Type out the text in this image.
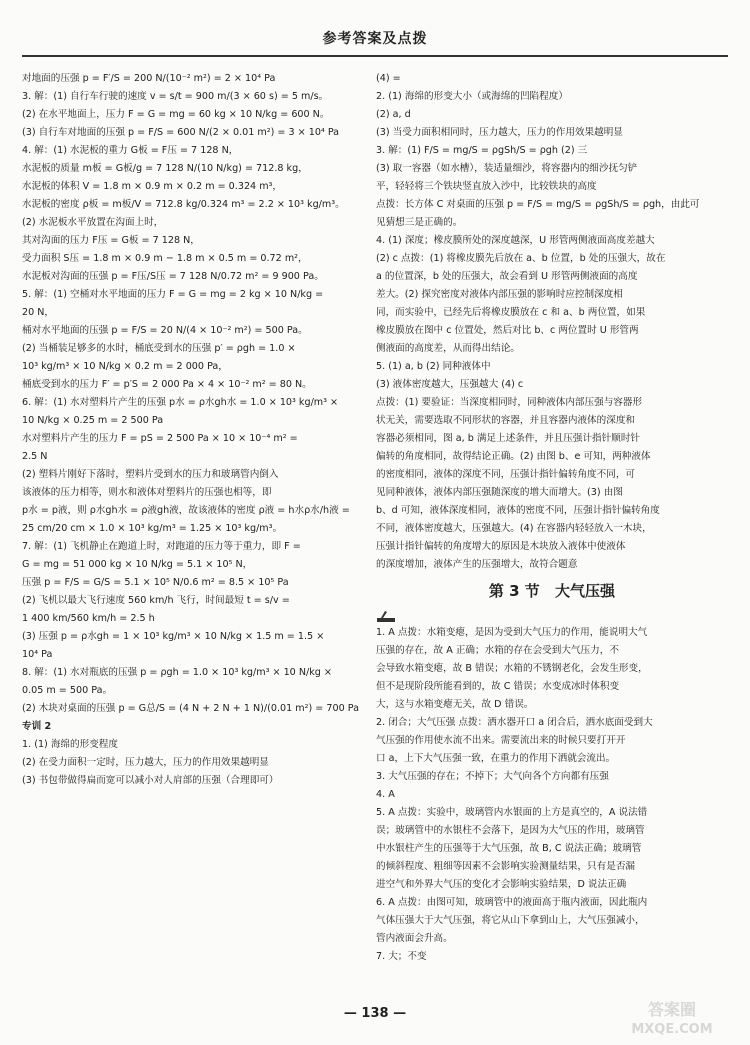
参考答案及点拨
对地面的压强 p = F′/S = 200 N/(10⁻² m²) = 2 × 10⁴ Pa
3. 解：(1) 自行车行驶的速度 v = s/t = 900 m/(3 × 60 s) = 5 m/s。
(2) 在水平地面上，压力 F = G = mg = 60 kg × 10 N/kg = 600 N。
(3) 自行车对地面的压强 p = F/S = 600 N/(2 × 0.01 m²) = 3 × 10⁴ Pa
4. 解：(1) 水泥板的重力 G板 = F压 = 7 128 N，
水泥板的质量 m板 = G板/g = 7 128 N/(10 N/kg) = 712.8 kg，
水泥板的体积 V = 1.8 m × 0.9 m × 0.2 m = 0.324 m³，
水泥板的密度 ρ板 = m板/V = 712.8 kg/0.324 m³ = 2.2 × 10³ kg/m³。
(2) 水泥板水平放置在沟面上时，
其对沟面的压力 F压 = G板 = 7 128 N，
受力面积 S压 = 1.8 m × 0.9 m − 1.8 m × 0.5 m = 0.72 m²，
水泥板对沟面的压强 p = F压/S压 = 7 128 N/0.72 m² = 9 900 Pa。
5. 解：(1) 空桶对水平地面的压力 F = G = mg = 2 kg × 10 N/kg =
20 N，
桶对水平地面的压强 p = F/S = 20 N/(4 × 10⁻² m²) = 500 Pa。
(2) 当桶装足够多的水时，桶底受到水的压强 p′ = ρgh = 1.0 ×
10³ kg/m³ × 10 N/kg × 0.2 m = 2 000 Pa，
桶底受到水的压力 F′ = p′S = 2 000 Pa × 4 × 10⁻² m² = 80 N。
6. 解：(1) 水对塑料片产生的压强 p水 = ρ水gh水 = 1.0 × 10³ kg/m³ ×
10 N/kg × 0.25 m = 2 500 Pa
水对塑料片产生的压力 F = pS = 2 500 Pa × 10 × 10⁻⁴ m² =
2.5 N
(2) 塑料片刚好下落时，塑料片受到水的压力和玻璃管内倒入
该液体的压力相等，则水和液体对塑料片的压强也相等，即
p水 = p液，则 ρ水gh水 = ρ液gh液，故该液体的密度 ρ液 = h水ρ水/h液 =
25 cm/20 cm × 1.0 × 10³ kg/m³ = 1.25 × 10³ kg/m³。
7. 解：(1) 飞机静止在跑道上时，对跑道的压力等于重力，即 F =
G = mg = 51 000 kg × 10 N/kg = 5.1 × 10⁵ N，
压强 p = F/S = G/S = 5.1 × 10⁵ N/0.6 m² = 8.5 × 10⁵ Pa
(2) 飞机以最大飞行速度 560 km/h 飞行，时间最短 t = s/v =
1 400 km/560 km/h = 2.5 h
(3) 压强 p = ρ水gh = 1 × 10³ kg/m³ × 10 N/kg × 1.5 m = 1.5 ×
10⁴ Pa
8. 解：(1) 水对瓶底的压强 p = ρgh = 1.0 × 10³ kg/m³ × 10 N/kg ×
0.05 m = 500 Pa。
(2) 木块对桌面的压强 p = G总/S = (4 N + 2 N + 1 N)/(0.01 m²) = 700 Pa
专训 2
1. (1) 海绵的形变程度
(2) 在受力面积一定时，压力越大，压力的作用效果越明显
(3) 书包带做得扁而宽可以减小对人肩部的压强（合理即可）
(4) =
2. (1) 海绵的形变大小（或海绵的凹陷程度）
(2) a, d
(3) 当受力面积相同时，压力越大，压力的作用效果越明显
3. 解：(1) F/S = mg/S = ρgSh/S = ρgh (2) 三
(3) 取一容器（如水槽），装适量细沙，将容器内的细沙抚匀铲
平，轻轻将三个铁块竖直放入沙中，比较铁块的高度
点拨：长方体 C 对桌面的压强 p = F/S = mg/S = ρgSh/S = ρgh，由此可
见猜想三是正确的。
4. (1) 深度；橡皮膜所处的深度越深，U 形管两侧液面高度差越大
(2) c 点拨：(1) 将橡皮膜先后放在 a、b 位置，b 处的压强大，故在
a 的位置深，b 处的压强大，故会看到 U 形管两侧液面的高度
差大。(2) 探究密度对液体内部压强的影响时应控制深度相
同，而实验中，已经先后将橡皮膜放在 c 和 a、b 两位置，如果
橡皮膜放在图中 c 位置处，然后对比 b、c 两位置时 U 形管两
侧液面的高度差，从而得出结论。
5. (1) a, b (2) 同种液体中
(3) 液体密度越大，压强越大 (4) c
点拨：(1) 要验证：当深度相同时，同种液体内部压强与容器形
状无关，需要选取不同形状的容器，并且容器内液体的深度和
容器必须相同，图 a, b 满足上述条件，并且压强计指针顺时针
偏转的角度相同，故得结论正确。(2) 由图 b、e 可知，两种液体
的密度相同，液体的深度不同，压强计指针偏转角度不同，可
见同种液体，液体内部压强随深度的增大而增大。(3) 由图
b、d 可知，液体深度相同，液体的密度不同，压强计指针偏转角度
不同，液体密度越大，压强越大。(4) 在容器内轻轻放入一木块，
压强计指针偏转的角度增大的原因是木块放入液体中使液体
的深度增加，液体产生的压强增大，故符合题意
第 3 节 大气压强
1. A 点拨：水箱变瘪，是因为受到大气压力的作用，能说明大气
压强的存在，故 A 正确；水箱的存在会受到大气压力，不
会导致水箱变瘪，故 B 错误；水箱的不锈钢老化，会发生形变，
但不是现阶段所能看到的，故 C 错误；水变成冰时体积变
大，这与水箱变瘪无关，故 D 错误。
2. 闭合；大气压强 点拨：洒水器开口 a 闭合后，洒水底面受到大
气压强的作用使水流不出来。需要流出来的时候只要打开开
口 a，上下大气压强一致，在重力的作用下洒就会流出。
3. 大气压强的存在；不掉下；大气向各个方向都有压强
4. A
5. A 点拨：实验中，玻璃管内水银面的上方是真空的，A 说法错
误；玻璃管中的水银柱不会落下，是因为大气压的作用，玻璃管
中水银柱产生的压强等于大气压强，故 B, C 说法正确；玻璃管
的倾斜程度、粗细等因素不会影响实验测量结果，只有是否漏
进空气和外界大气压的变化才会影响实验结果，D 说法正确
6. A 点拨：由图可知，玻璃管中的液面高于瓶内液面，因此瓶内
气体压强大于大气压强，将它从山下拿到山上，大气压强减小，
管内液面会升高。
7. 大；不变
— 138 —	答案圈
MXQE.COM
